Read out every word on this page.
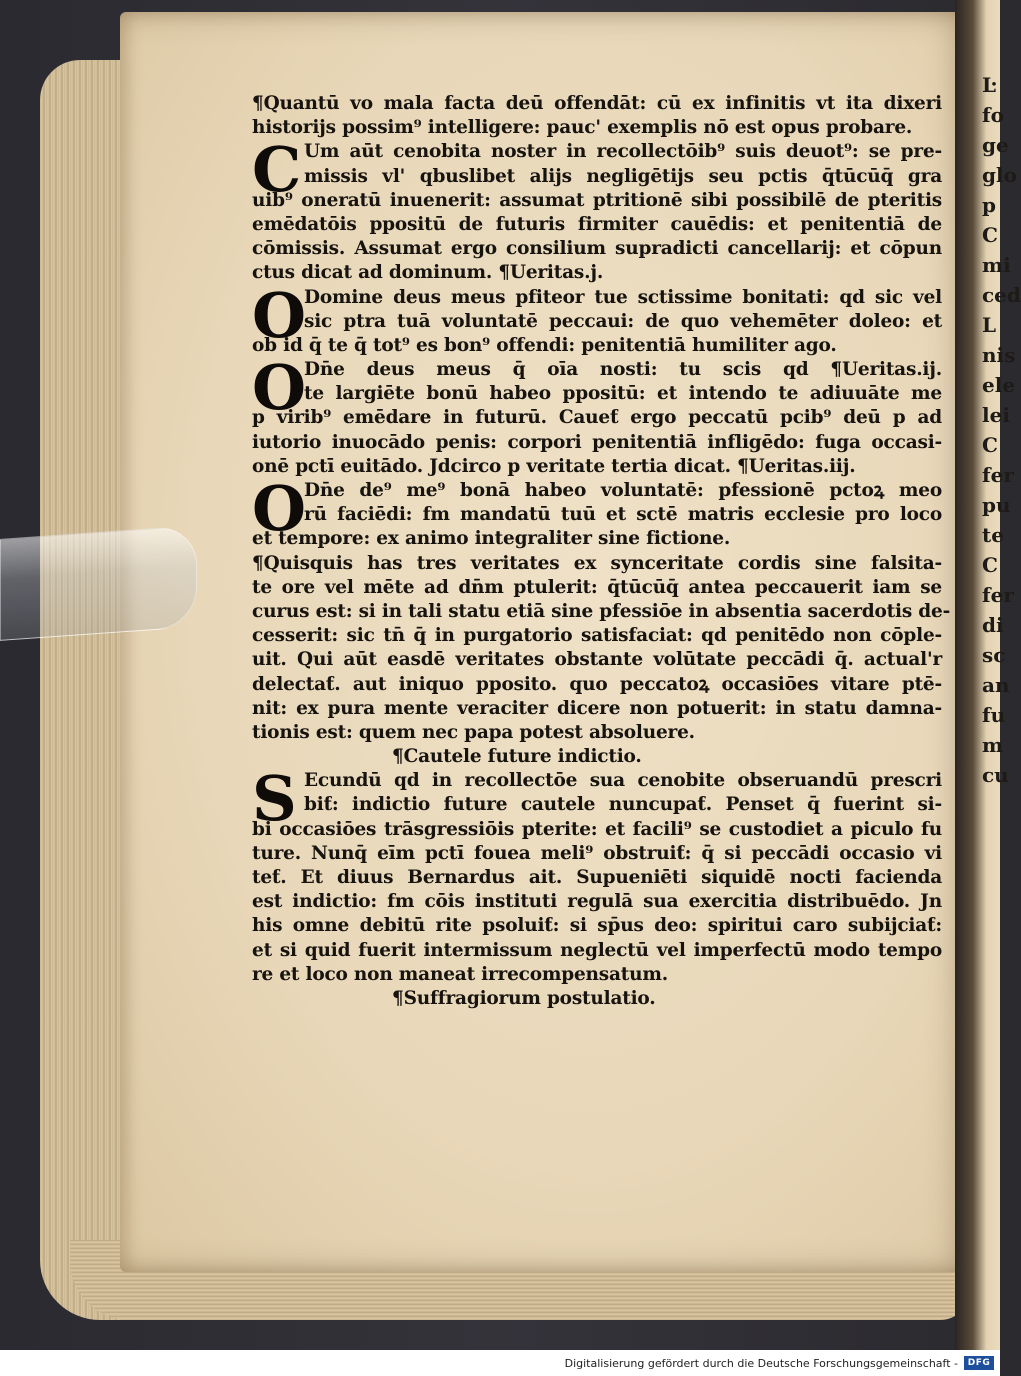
Ŀ fo ge glo p C mi ced L nis ele lei C fer pu te C fer di sc an fu m cu
¶Quantū vo mala facta deū offendāt: cū ex infinitis vt ita dixeri
historijs possim⁹ intelligere: pauc' exemplis nō est opus probare.
C Um aūt cenobita noster in recollectōib⁹ suis deuot⁹: se pre-
missis vl' qbuslibet alijs negligētijs seu pctis q̄tūcūq̄ gra
uib⁹ oneratū inuenerit: assumat ptritionē sibi possibilē de pteritis
emēdatōis ppositū de futuris firmiter cauēdis: et penitentiā de
cōmissis. Assumat ergo consilium supradicti cancellarij: et cōpun
ctus dicat ad dominum. ¶Ueritas.j.
O
Domine deus meus pfiteor tue sctissime bonitati: qd sic vel
sic ptra tuā voluntatē peccaui: de quo vehemēter doleo: et
ob id q̄ te q̄ tot⁹ es bon⁹ offendi: penitentiā humiliter ago.
O
Dn̄e deus meus q̄ oīa nosti: tu scis qd ¶Ueritas.ij.
te largiēte bonū habeo ppositū: et intendo te adiuuāte me
p virib⁹ emēdare in futurū. Caueƭ ergo peccatū pcib⁹ deū p ad
iutorio inuocādo penis: corpori penitentiā infligēdo: fuga occasi-
onē pctī euitādo. Jdcirco p veritate tertia dicat. ¶Ueritas.iij.
O
Dn̄e de⁹ me⁹ bonā habeo voluntatē: pfessionē pctoꝝ meo
rū faciēdi: fm mandatū tuū et sctē matris ecclesie pro loco
et tempore: ex animo integraliter sine fictione.
¶Quisquis has tres veritates ex synceritate cordis sine falsita-
te ore vel mēte ad dn̄m ptulerit: q̄tūcūq̄ antea peccauerit iam se
curus est: si in tali statu etiā sine pfessiōe in absentia sacerdotis de-
cesserit: sic tn̄ q̄ in purgatorio satisfaciat: qd penitēdo non cōple-
uit. Qui aūt easdē veritates obstante volūtate peccādi q̄. actual'r
delectaƭ. aut iniquo pposito. quo peccatoꝝ occasiōes vitare ptē-
nit: ex pura mente veraciter dicere non potuerit: in statu damna-
tionis est: quem nec papa potest absoluere.
¶Cautele future indictio.
S Ecundū qd in recollectōe sua cenobite obseruandū prescri
biƭ: indictio future cautele nuncupaƭ. Penset q̄ fuerint si-
bi occasiōes trāsgressiōis pterite: et facili⁹ se custodiet a piculo fu
ture. Nunq̄ eīm pctī fouea meli⁹ obstruiƭ: q̄ si peccādi occasio vi
teƭ. Et diuus Bernardus ait. Supueniēti siquidē nocti facienda
est indictio: fm cōis instituti regulā sua exercitia distribuēdo. Jn
his omne debitū rite psoluiƭ: si sp̄us deo: spiritui caro subijciaƭ:
et si quid fuerit intermissum neglectū vel imperfectū modo tempo
re et loco non maneat irrecompensatum.
¶Suffragiorum postulatio.
Digitalisierung gefördert durch die Deutsche Forschungsgemeinschaft -	DFG
